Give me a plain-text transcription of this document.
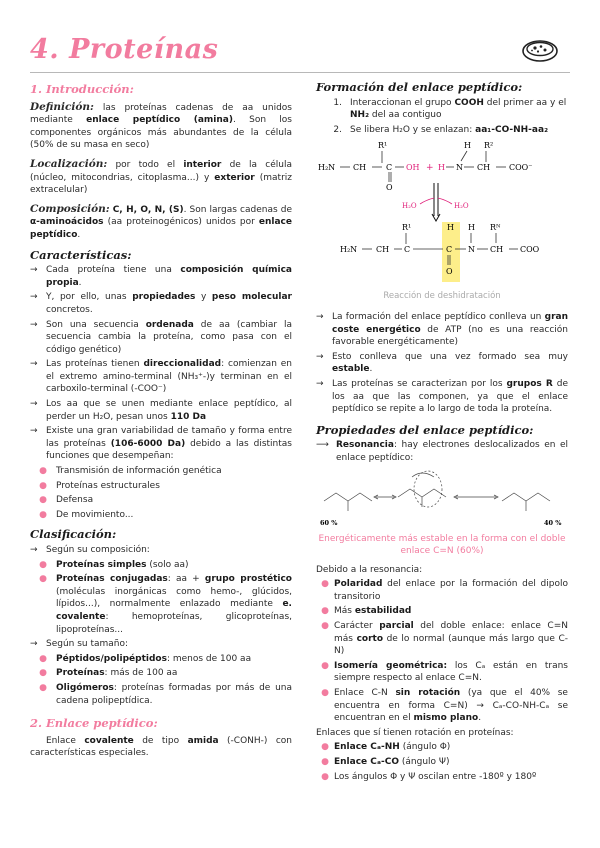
4. Proteínas
1. Introducción:
Definición: las proteínas cadenas de aa unidos mediante enlace peptídico (amina). Son los componentes orgánicos más abundantes de la célula (50% de su masa en seco)
Localización: por todo el interior de la célula (núcleo, mitocondrias, citoplasma...) y exterior (matriz extracelular)
Composición: C, H, O, N, (S). Son largas cadenas de α-aminoácidos (aa proteinogénicos) unidos por enlace peptídico.
Características:
→ Cada proteína tiene una composición química propia.
→ Y, por ello, unas propiedades y peso molecular concretos.
→ Son una secuencia ordenada de aa (cambiar la secuencia cambia la proteína, como pasa con el código genético)
→ Las proteínas tienen direccionalidad: comienzan en el extremo amino-terminal (NH₃⁺-)y terminan en el carboxilo-terminal (-COO⁻)
→ Los aa que se unen mediante enlace peptídico, al perder un H₂O, pesan unos 110 Da
→ Existe una gran variabilidad de tamaño y forma entre las proteínas (106-6000 Da) debido a las distintas funciones que desempeñan:
●	Transmisión de información genética
●	Proteínas estructurales
●	Defensa
●	De movimiento...
Clasificación:
→ Según su composición:
●	Proteínas simples (solo aa)
●	Proteínas conjugadas: aa + grupo prostético (moléculas inorgánicas como hemo-, glúcidos, lípidos...), normalmente enlazado mediante e. covalente: hemoproteínas, glicoproteínas, lipoproteínas...
→ Según su tamaño:
●	Péptidos/polipéptidos: menos de 100 aa
●	Proteínas: más de 100 aa
●	Oligómeros: proteínas formadas por más de una cadena polipeptídica.
2. Enlace peptídico:
Enlace covalente de tipo amida (-CONH-) con características especiales.
Formación del enlace peptídico:
1. Interaccionan el grupo COOH del primer aa y el NH₂ del aa contiguo
2. Se libera H₂O y se enlazan: aa₁-CO-NH-aa₂
R¹
H₂N CH C OH
O
+ H N
H
CH
R²
COO⁻
H₂O	H₂O
R¹
H₂N CH C	C
O
N
H H
CH
Rᴺ
COO
Reacción de deshidratación
→ La formación del enlace peptídico conlleva un gran coste energético de ATP (no es una reacción favorable energéticamente)
→ Esto conlleva que una vez formado sea muy estable.
→ Las proteínas se caracterizan por los grupos R de los aa que las componen, ya que el enlace peptídico se repite a lo largo de toda la proteína.
Propiedades del enlace peptídico:
⟶ Resonancia: hay electrones deslocalizados en el enlace peptídico:
60 %	40 %
Energéticamente más estable en la forma con el doble enlace C=N (60%)
Debido a la resonancia:
● Polaridad del enlace por la formación del dipolo transitorio
● Más estabilidad
● Carácter parcial del doble enlace: enlace C=N más corto de lo normal (aunque más largo que C-N)
● Isomería geométrica: los Cₐ están en trans siempre respecto al enlace C=N.
● Enlace C-N sin rotación (ya que el 40% se encuentra en forma C=N) → Cₐ-CO-NH-Cₐ se encuentran en el mismo plano.
Enlaces que sí tienen rotación en proteínas:
● Enlace Cₐ-NH (ángulo Φ)
● Enlace Cₐ-CO (ángulo Ψ)
● Los ángulos Φ y Ψ oscilan entre -180º y 180º
